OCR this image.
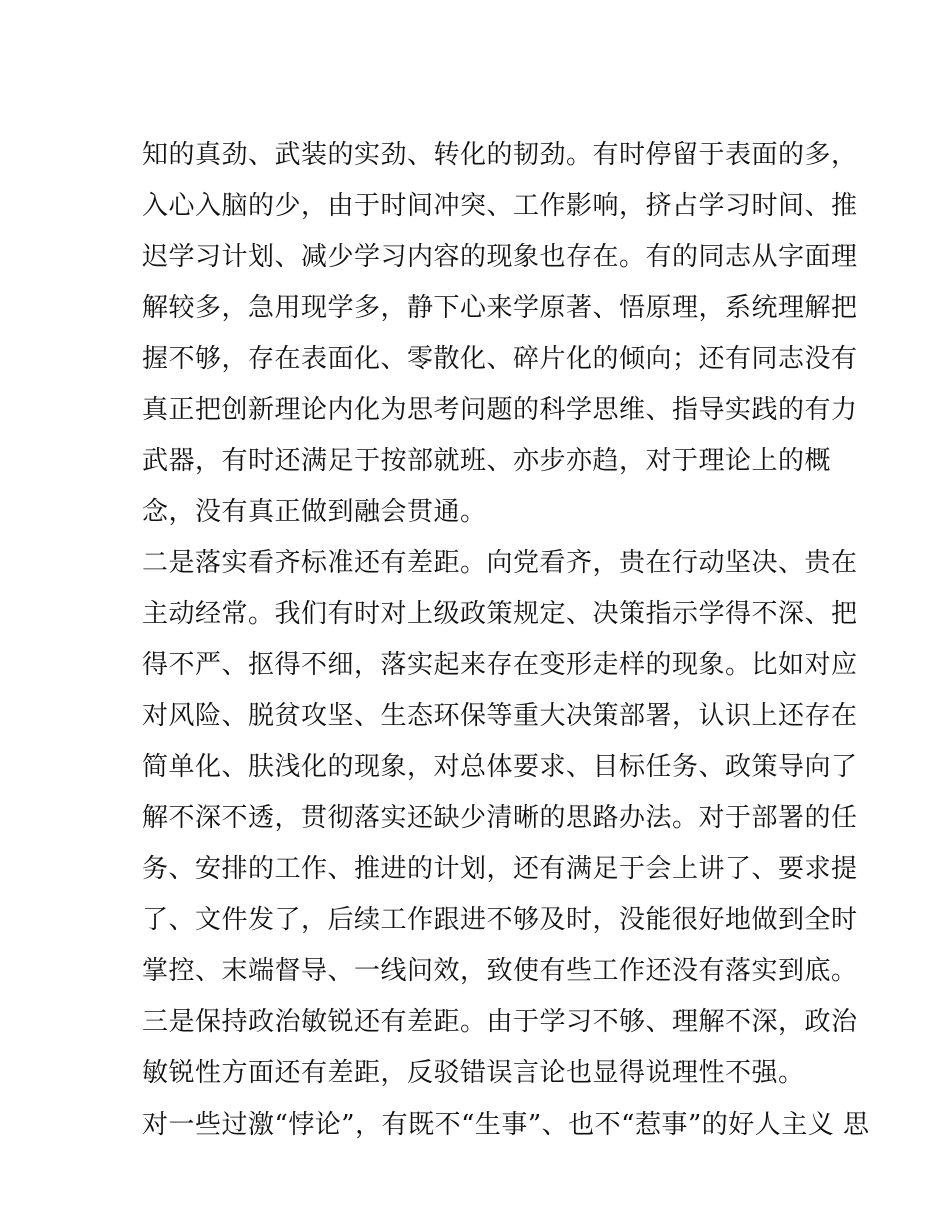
知的真劲、武装的实劲、转化的韧劲。有时停留于表面的多，

入心入脑的少，由于时间冲突、工作影响，挤占学习时间、推

迟学习计划、减少学习内容的现象也存在。有的同志从字面理

解较多，急用现学多，静下心来学原著、悟原理，系统理解把

握不够，存在表面化、零散化、碎片化的倾向；还有同志没有

真正把创新理论内化为思考问题的科学思维、指导实践的有力

武器，有时还满足于按部就班、亦步亦趋，对于理论上的概

念，没有真正做到融会贯通。

二是落实看齐标准还有差距。向党看齐，贵在行动坚决、贵在

主动经常。我们有时对上级政策规定、决策指示学得不深、把

得不严、抠得不细，落实起来存在变形走样的现象。比如对应

对风险、脱贫攻坚、生态环保等重大决策部署，认识上还存在

简单化、肤浅化的现象，对总体要求、目标任务、政策导向了

解不深不透，贯彻落实还缺少清晰的思路办法。对于部署的任

务、安排的工作、推进的计划，还有满足于会上讲了、要求提

了、文件发了，后续工作跟进不够及时，没能很好地做到全时

掌控、末端督导、一线问效，致使有些工作还没有落实到底。

三是保持政治敏锐还有差距。由于学习不够、理解不深，政治

敏锐性方面还有差距，反驳错误言论也显得说理性不强。

对一些过激“悖论”，有既不“生事”、也不“惹事”的好人主义 思
